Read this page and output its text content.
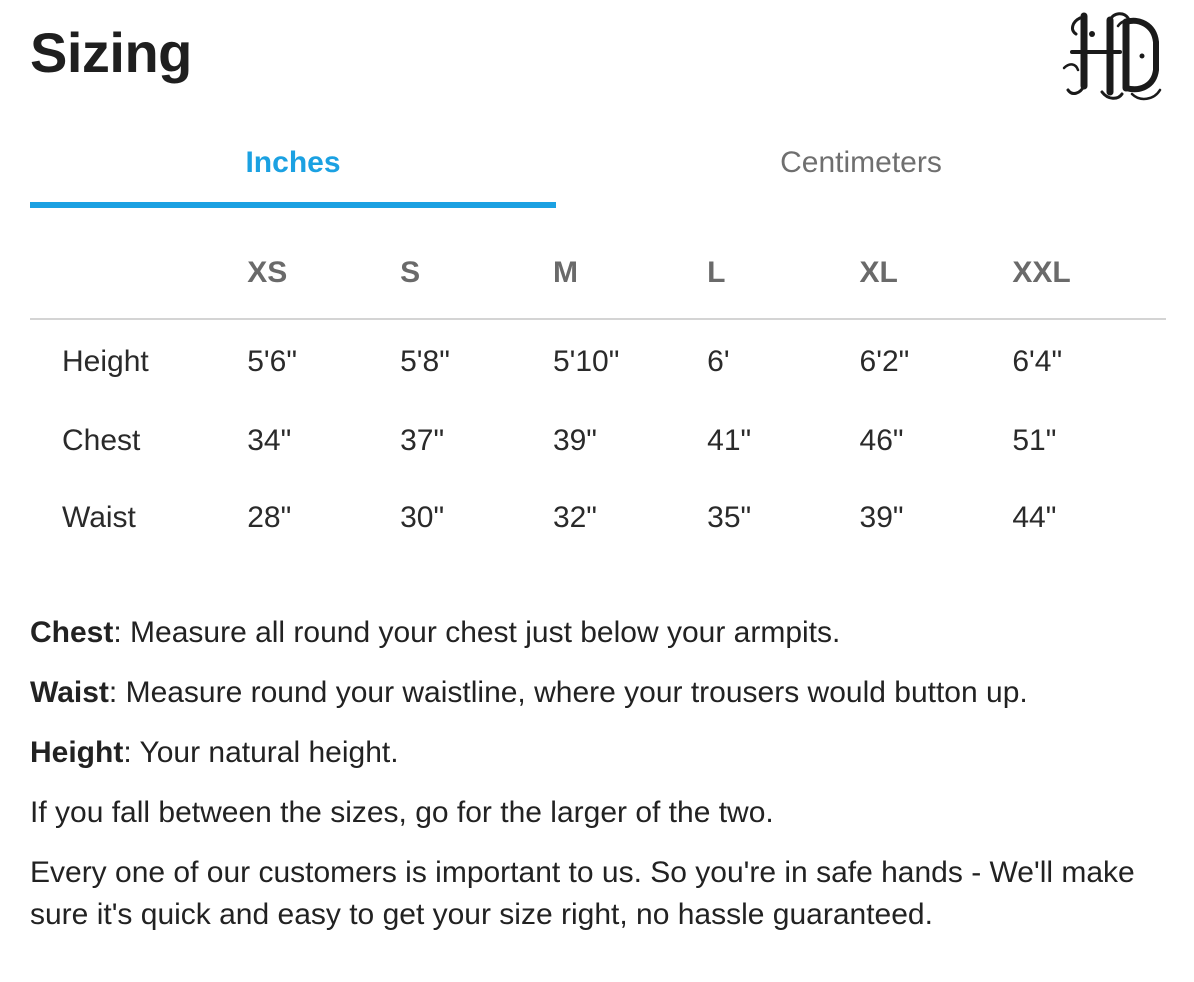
Sizing
Inches	Centimeters
	XS	S	M	L	XL	XXL
Height	5'6"	5'8"	5'10"	6'	6'2"	6'4"
Chest	34"	37"	39"	41"	46"	51"
Waist	28"	30"	32"	35"	39"	44"

Chest: Measure all round your chest just below your armpits.

Waist: Measure round your waistline, where your trousers would button up.

Height: Your natural height.

If you fall between the sizes, go for the larger of the two.

Every one of our customers is important to us. So you're in safe hands - We'll make sure it's quick and easy to get your size right, no hassle guaranteed.
